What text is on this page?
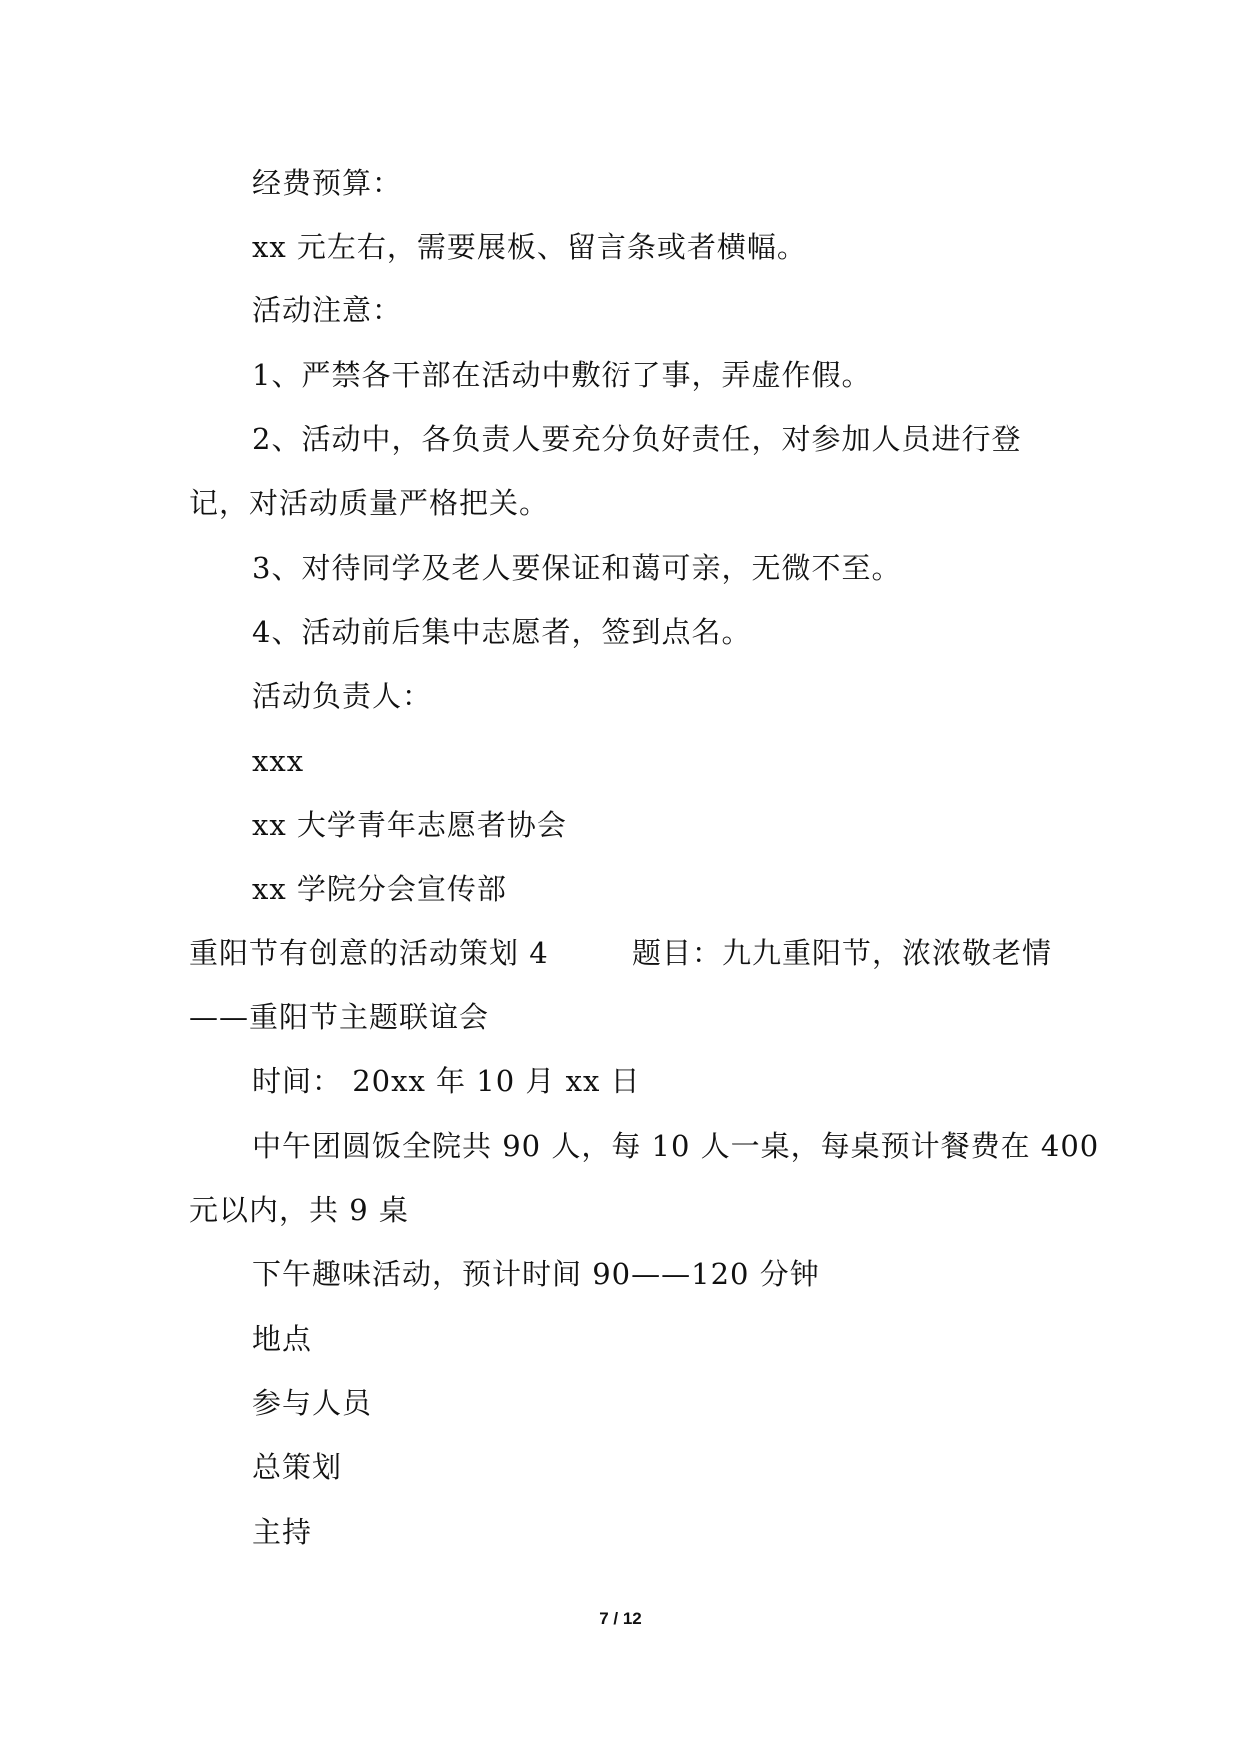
经费预算：
xx 元左右，需要展板、留言条或者横幅。
活动注意：
1、严禁各干部在活动中敷衍了事，弄虚作假。
2、活动中，各负责人要充分负好责任，对参加人员进行登
记，对活动质量严格把关。
3、对待同学及老人要保证和蔼可亲，无微不至。
4、活动前后集中志愿者，签到点名。
活动负责人：
xxx
xx 大学青年志愿者协会
xx 学院分会宣传部
重阳节有创意的活动策划 4	题目：九九重阳节，浓浓敬老情
——重阳节主题联谊会
时间： 20xx 年 10 月 xx 日
中午团圆饭全院共 90 人，每 10 人一桌，每桌预计餐费在 400
元以内，共 9 桌
下午趣味活动，预计时间 90——120 分钟
地点
参与人员
总策划
主持
7 / 12
